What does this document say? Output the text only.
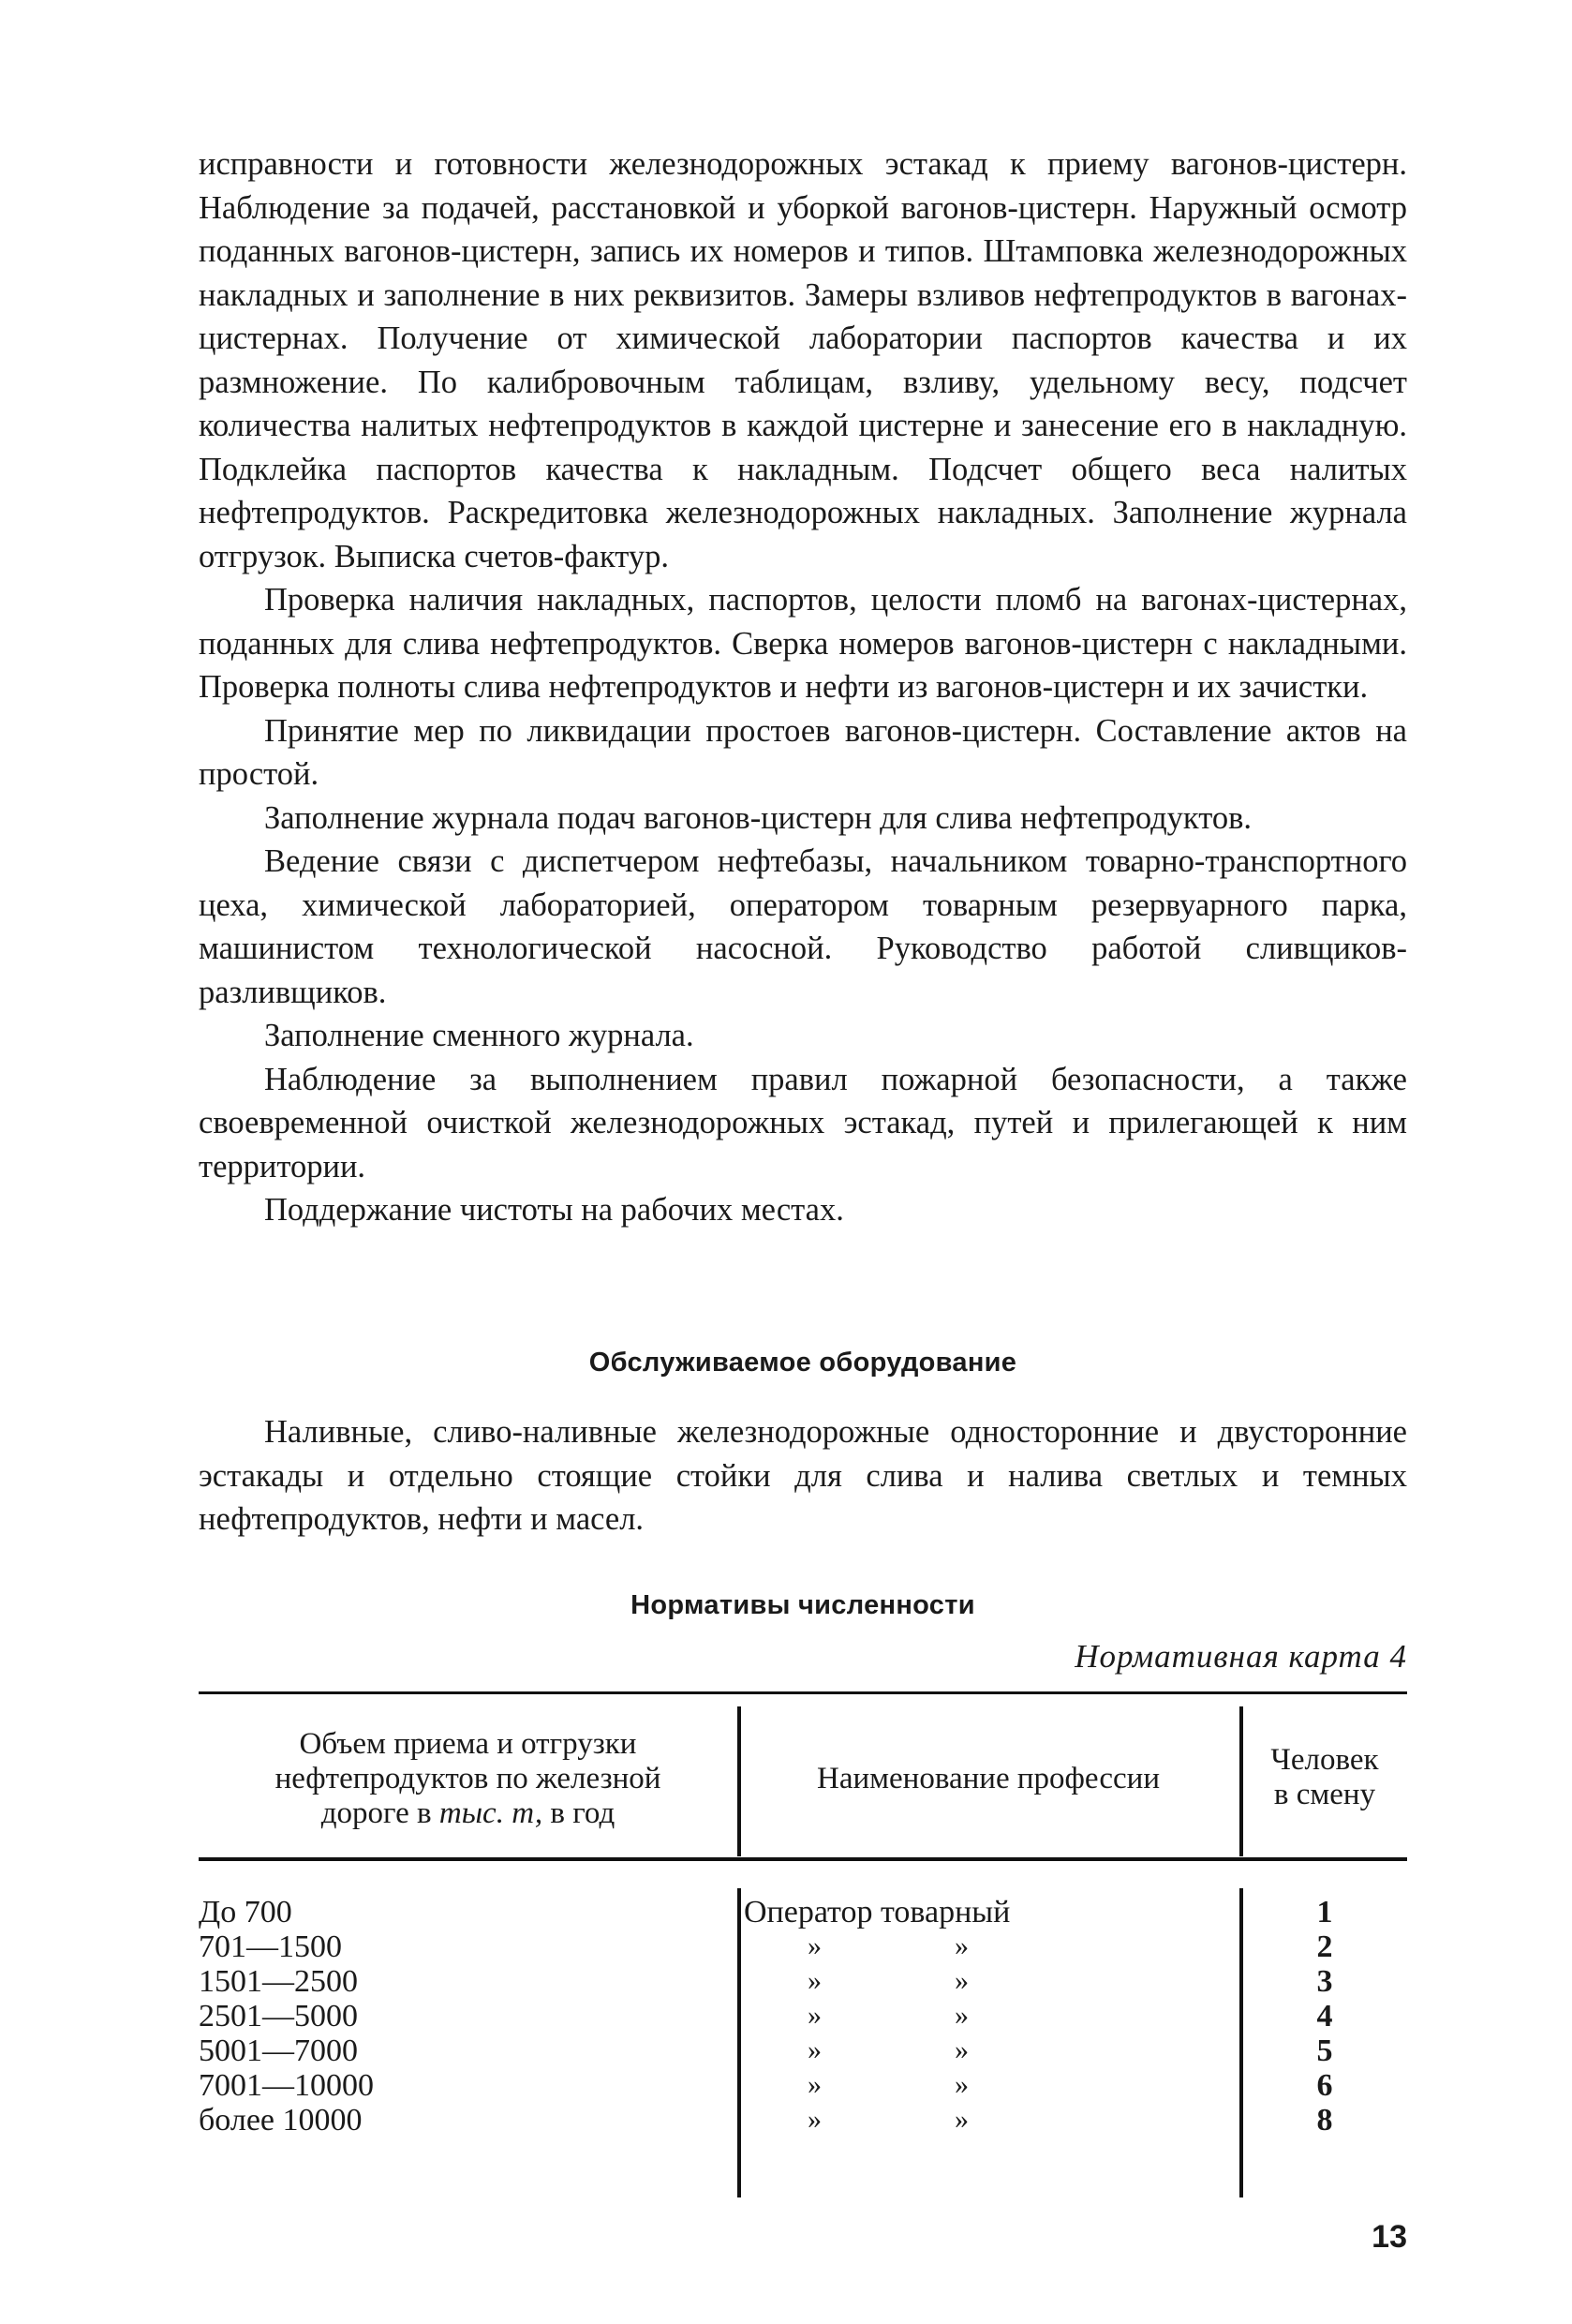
исправности и готовности железнодорожных эстакад к приему вагонов-цистерн. Наблюдение за подачей, расстановкой и уборкой вагонов-цистерн. Наружный осмотр поданных вагонов-цистерн, запись их номеров и типов. Штамповка железнодорожных накладных и заполнение в них реквизитов. Замеры взливов нефтепродуктов в вагонах-цистернах. Получение от химической лаборатории паспортов качества и их размножение. По калибровочным таблицам, взливу, удельному весу, подсчет количества налитых нефтепродуктов в каждой цистерне и занесение его в накладную. Подклейка паспортов качества к накладным. Подсчет общего веса налитых нефтепродуктов. Раскредитовка железнодорожных накладных. Заполнение журнала отгрузок. Выписка счетов-фактур.

Проверка наличия накладных, паспортов, целости пломб на вагонах-цистернах, поданных для слива нефтепродуктов. Сверка номеров вагонов-цистерн с накладными. Проверка полноты слива нефтепродуктов и нефти из вагонов-цистерн и их зачистки.

Принятие мер по ликвидации простоев вагонов-цистерн. Составление актов на простой.

Заполнение журнала подач вагонов-цистерн для слива нефтепродуктов.

Ведение связи с диспетчером нефтебазы, начальником товарно-транспортного цеха, химической лабораторией, оператором товарным резервуарного парка, машинистом технологической насосной. Руководство работой сливщиков-разливщиков.

Заполнение сменного журнала.

Наблюдение за выполнением правил пожарной безопасности, а также своевременной очисткой железнодорожных эстакад, путей и прилегающей к ним территории.

Поддержание чистоты на рабочих местах.

Обслуживаемое оборудование

Наливные, сливо-наливные железнодорожные односторонние и двусторонние эстакады и отдельно стоящие стойки для слива и налива светлых и темных нефтепродуктов, нефти и масел.

Нормативы численности
Нормативная карта 4
Объем приема и отгрузки
нефтепродуктов по железной
дороге в тыс. т, в год
Наименование профессии
Человек
в смену
До 700	Оператор товарный	1
701—1500	»	»	2
1501—2500	»	»	3
2501—5000	»	»	4
5001—7000	»	»	5
7001—10000	»	»	6
более 10000	»	»	8
13
